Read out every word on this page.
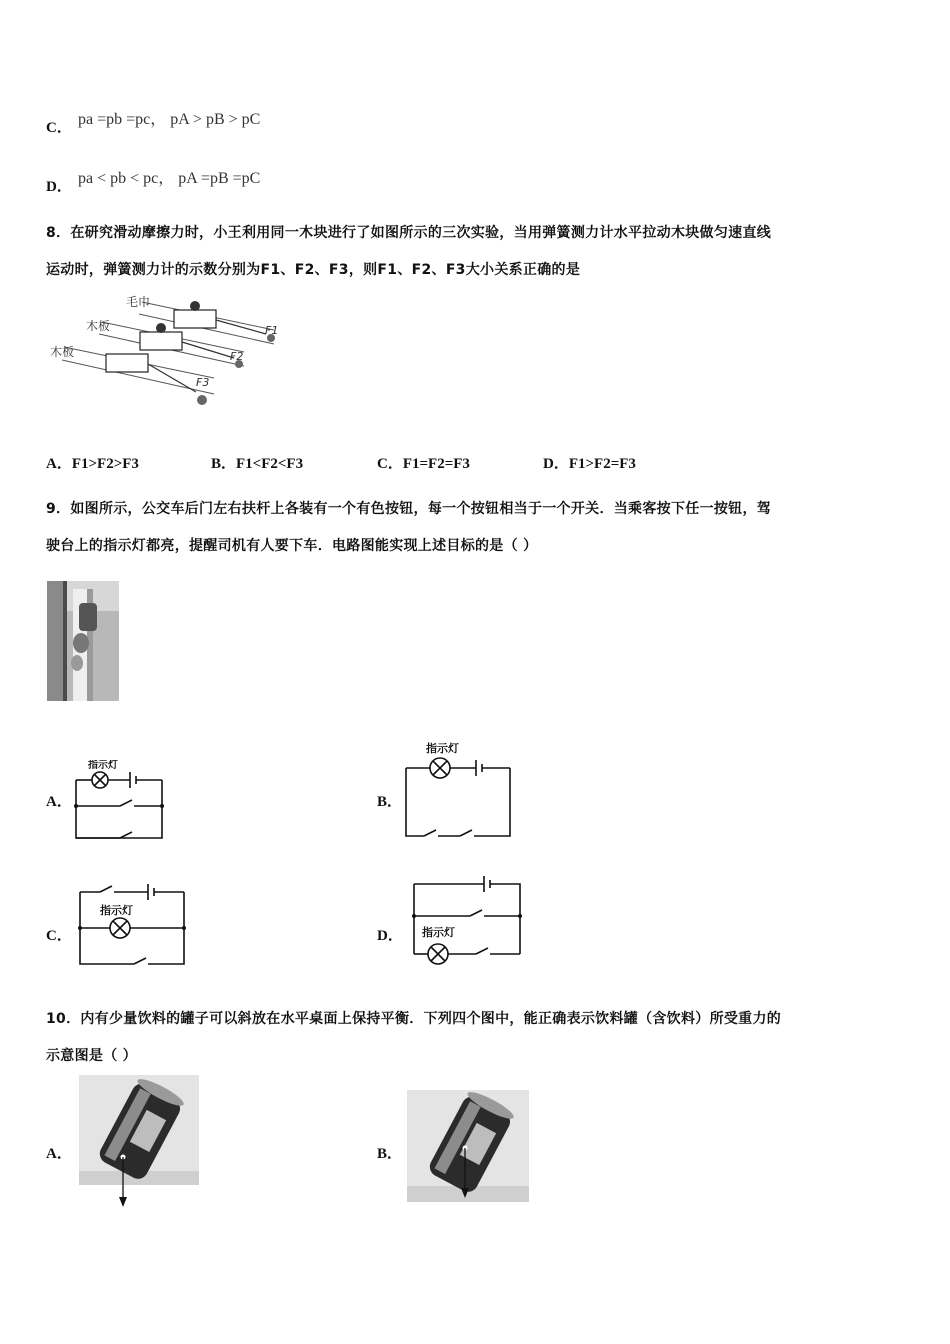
C． pa =pb =pc， pA > pB > pC
D． pa < pb < pc， pA =pB =pC
8．在研究滑动摩擦力时，小王利用同一木块进行了如图所示的三次实验，当用弹簧测力计水平拉动木块做匀速直线
运动时，弹簧测力计的示数分别为F1、F2、F3，则F1、F2、F3大小关系正确的是
毛巾
木板
木板
F1
F2
F3
A．F1>F2>F3	B．F1<F2<F3	C．F1=F2=F3	D．F1>F2=F3
9．如图所示，公交车后门左右扶杆上各装有一个有色按钮，每一个按钮相当于一个开关．当乘客按下任一按钮，驾
驶台上的指示灯都亮，提醒司机有人要下车．电路图能实现上述目标的是（ ）
A．
指示灯
B．
指示灯
C．
指示灯
D． 指示灯
10．内有少量饮料的罐子可以斜放在水平桌面上保持平衡．下列四个图中，能正确表示饮料罐（含饮料）所受重力的
示意图是（ ）
A．	B．
